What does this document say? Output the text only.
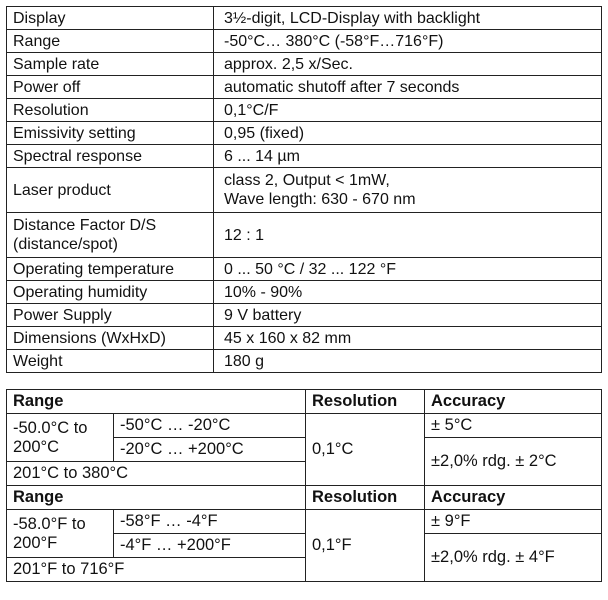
Display	3½-digit, LCD-Display with backlight

Range	-50°C… 380°C (-58°F…716°F)

Sample rate	approx. 2,5 x/Sec.

Power off	automatic shutoff after 7 seconds

Resolution	0,1°C/F

Emissivity setting	0,95 (fixed)

Spectral response	6 ... 14 µm

Laser product	class 2, Output < 1mW,
Wave length: 630 - 670 nm

Distance Factor D/S
(distance/spot)	12 : 1

Operating temperature	0 ... 50 °C / 32 ... 122 °F

Operating humidity	10% - 90%

Power Supply	9 V battery

Dimensions (WxHxD)	45 x 160 x 82 mm

Weight	180 g
Range		Resolution	Accuracy

-50.0°C to
200°C	-50°C … -20°C	0,1°C	± 5°C
	-20°C … +200°C		±2,0% rdg. ± 2°C
201°C to 380°C			
Range		Resolution	Accuracy

-58.0°F to
200°F	-58°F … -4°F	0,1°F	± 9°F
	-4°F … +200°F		±2,0% rdg. ± 4°F
201°F to 716°F			
